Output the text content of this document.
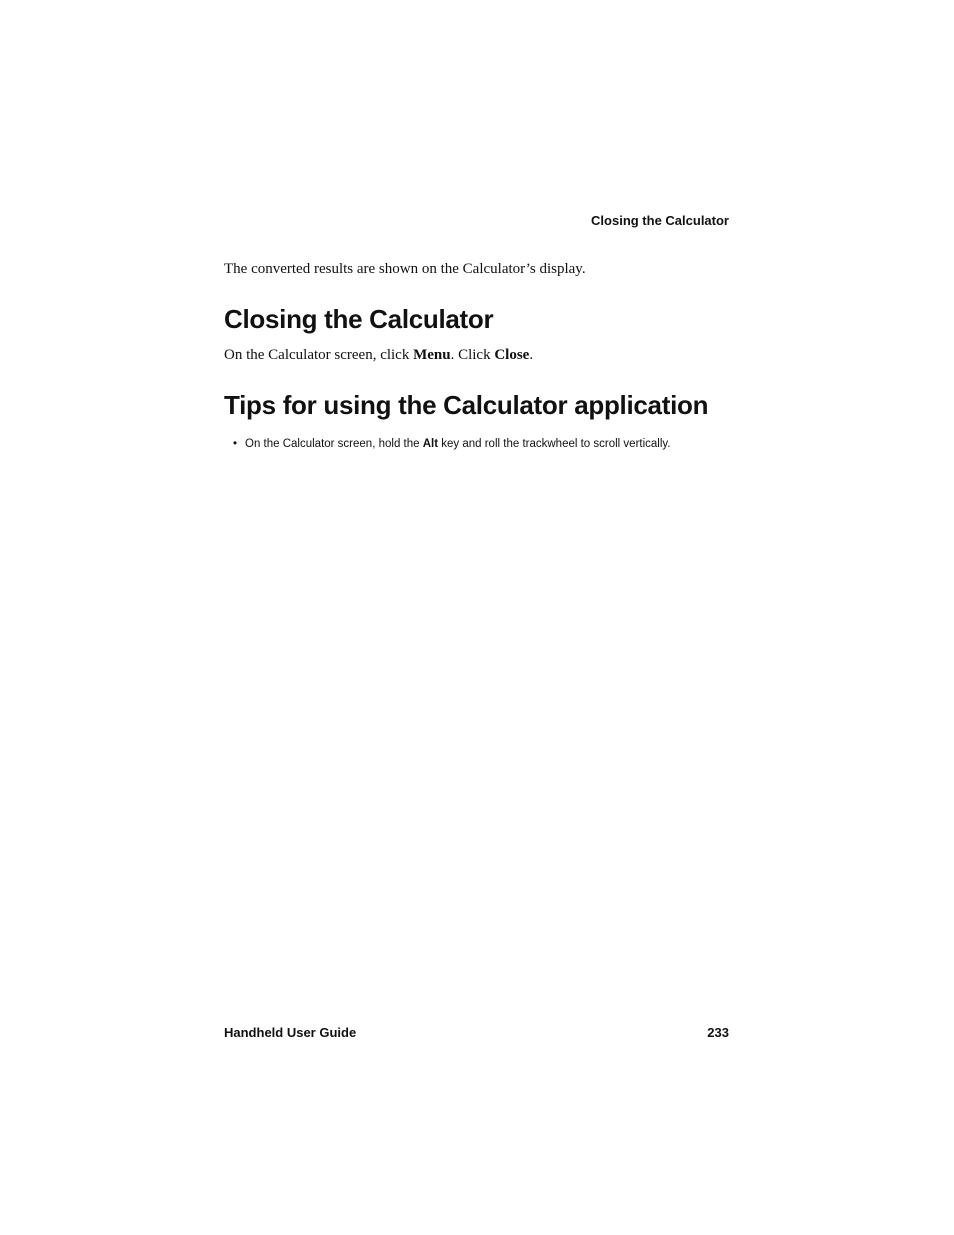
Closing the Calculator
The converted results are shown on the Calculator’s display.
Closing the Calculator
On the Calculator screen, click Menu. Click Close.
Tips for using the Calculator application
• On the Calculator screen, hold the Alt key and roll the trackwheel to scroll vertically.
Handheld User Guide	233
